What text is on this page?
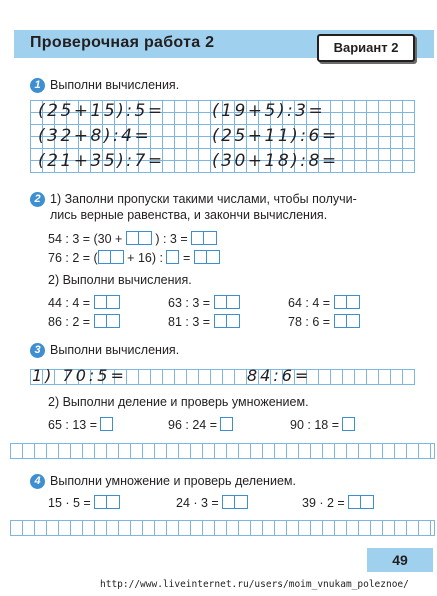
Проверочная работа 2	Вариант 2
1 Выполни вычисления.
(25+15):5=	(19+5):3=
(32+8):4=	(25+11):6=
(21+35):7=	(30+18):8=
2 1) Заполни пропуски такими числами, чтобы получи-
лись верные равенства, и закончи вычисления.
54 : 3 = (30 +	) : 3 =
76 : 2 = ( + 16) : =
2) Выполни вычисления.
44 : 4 =	63 : 3 =	64 : 4 =
86 : 2 =	81 : 3 =	78 : 6 =
3 Выполни вычисления.
1) 70:5=	84:6=
2) Выполни деление и проверь умножением.
65 : 13 =	96 : 24 =	90 : 18 =
4 Выполни умножение и проверь делением.
15 · 5 =	24 · 3 =	39 · 2 =
49
http://www.liveinternet.ru/users/moim_vnukam_poleznoe/
